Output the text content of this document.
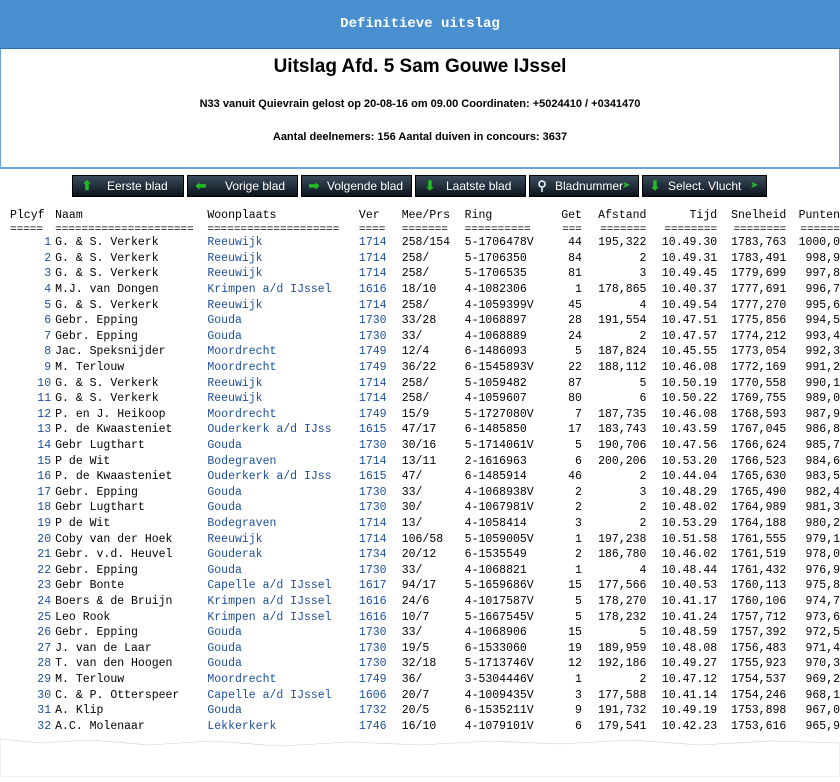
Definitieve uitslag
Uitslag Afd. 5 Sam Gouwe IJssel
N33 vanuit Quievrain gelost op 20-08-16 om 09.00 Coordinaten: +5024410 / +0341470
Aantal deelnemers: 156 Aantal duiven in concours: 3637
⬆ Eerste blad ⬅ Vorige blad ➡ Volgende blad ⬇ Laatste blad ⚲ Bladnummer
➤ ⬇ Select. Vlucht ➤
Plcyf	Naam	Woonplaats	Ver	Mee/Prs	Ring	Get	Afstand	Tijd	Snelheid	Punten
=====	=====================	====================	====	=======	==========	===	=======	========	========	======
1	G. & S. Verkerk	Reeuwijk	1714	258/154	5-1706478V	44	195,322	10.49.30	1783,763	1000,0
2	G. & S. Verkerk	Reeuwijk	1714	258/	5-1706350	84	2	10.49.31	1783,491	998,9
3	G. & S. Verkerk	Reeuwijk	1714	258/	5-1706535	81	3	10.49.45	1779,699	997,8
4	M.J. van Dongen	Krimpen a/d IJssel	1616	18/10	4-1082306	1	178,865	10.40.37	1777,691	996,7
5	G. & S. Verkerk	Reeuwijk	1714	258/	4-1059399V	45	4	10.49.54	1777,270	995,6
6	Gebr. Epping	Gouda	1730	33/28	4-1068897	28	191,554	10.47.51	1775,856	994,5
7	Gebr. Epping	Gouda	1730	33/	4-1068889	24	2	10.47.57	1774,212	993,4
8	Jac. Speksnijder	Moordrecht	1749	12/4	6-1486093	5	187,824	10.45.55	1773,054	992,3
9	M. Terlouw	Moordrecht	1749	36/22	6-1545893V	22	188,112	10.46.08	1772,169	991,2
10	G. & S. Verkerk	Reeuwijk	1714	258/	5-1059482	87	5	10.50.19	1770,558	990,1
11	G. & S. Verkerk	Reeuwijk	1714	258/	4-1059607	80	6	10.50.22	1769,755	989,0
12	P. en J. Heikoop	Moordrecht	1749	15/9	5-1727080V	7	187,735	10.46.08	1768,593	987,9
13	P. de Kwaasteniet	Ouderkerk a/d IJss	1615	47/17	6-1485850	17	183,743	10.43.59	1767,045	986,8
14	Gebr Lugthart	Gouda	1730	30/16	5-1714061V	5	190,706	10.47.56	1766,624	985,7
15	P de Wit	Bodegraven	1714	13/11	2-1616963	6	200,206	10.53.20	1766,523	984,6
16	P. de Kwaasteniet	Ouderkerk a/d IJss	1615	47/	6-1485914	46	2	10.44.04	1765,630	983,5
17	Gebr. Epping	Gouda	1730	33/	4-1068938V	2	3	10.48.29	1765,490	982,4
18	Gebr Lugthart	Gouda	1730	30/	4-1067981V	2	2	10.48.02	1764,989	981,3
19	P de Wit	Bodegraven	1714	13/	4-1058414	3	2	10.53.29	1764,188	980,2
20	Coby van der Hoek	Reeuwijk	1714	106/58	5-1059005V	1	197,238	10.51.58	1761,555	979,1
21	Gebr. v.d. Heuvel	Gouderak	1734	20/12	6-1535549	2	186,780	10.46.02	1761,519	978,0
22	Gebr. Epping	Gouda	1730	33/	4-1068821	1	4	10.48.44	1761,432	976,9
23	Gebr Bonte	Capelle a/d IJssel	1617	94/17	5-1659686V	15	177,566	10.40.53	1760,113	975,8
24	Boers & de Bruijn	Krimpen a/d IJssel	1616	24/6	4-1017587V	5	178,270	10.41.17	1760,106	974,7
25	Leo Rook	Krimpen a/d IJssel	1616	10/7	5-1667545V	5	178,232	10.41.24	1757,712	973,6
26	Gebr. Epping	Gouda	1730	33/	4-1068906	15	5	10.48.59	1757,392	972,5
27	J. van de Laar	Gouda	1730	19/5	6-1533060	19	189,959	10.48.08	1756,483	971,4
28	T. van den Hoogen	Gouda	1730	32/18	5-1713746V	12	192,186	10.49.27	1755,923	970,3
29	M. Terlouw	Moordrecht	1749	36/	3-5304446V	1	2	10.47.12	1754,537	969,2
30	C. & P. Otterspeer	Capelle a/d IJssel	1606	20/7	4-1009435V	3	177,588	10.41.14	1754,246	968,1
31	A. Klip	Gouda	1732	20/5	6-1535211V	9	191,732	10.49.19	1753,898	967,0
32	A.C. Molenaar	Lekkerkerk	1746	16/10	4-1079101V	6	179,541	10.42.23	1753,616	965,9
